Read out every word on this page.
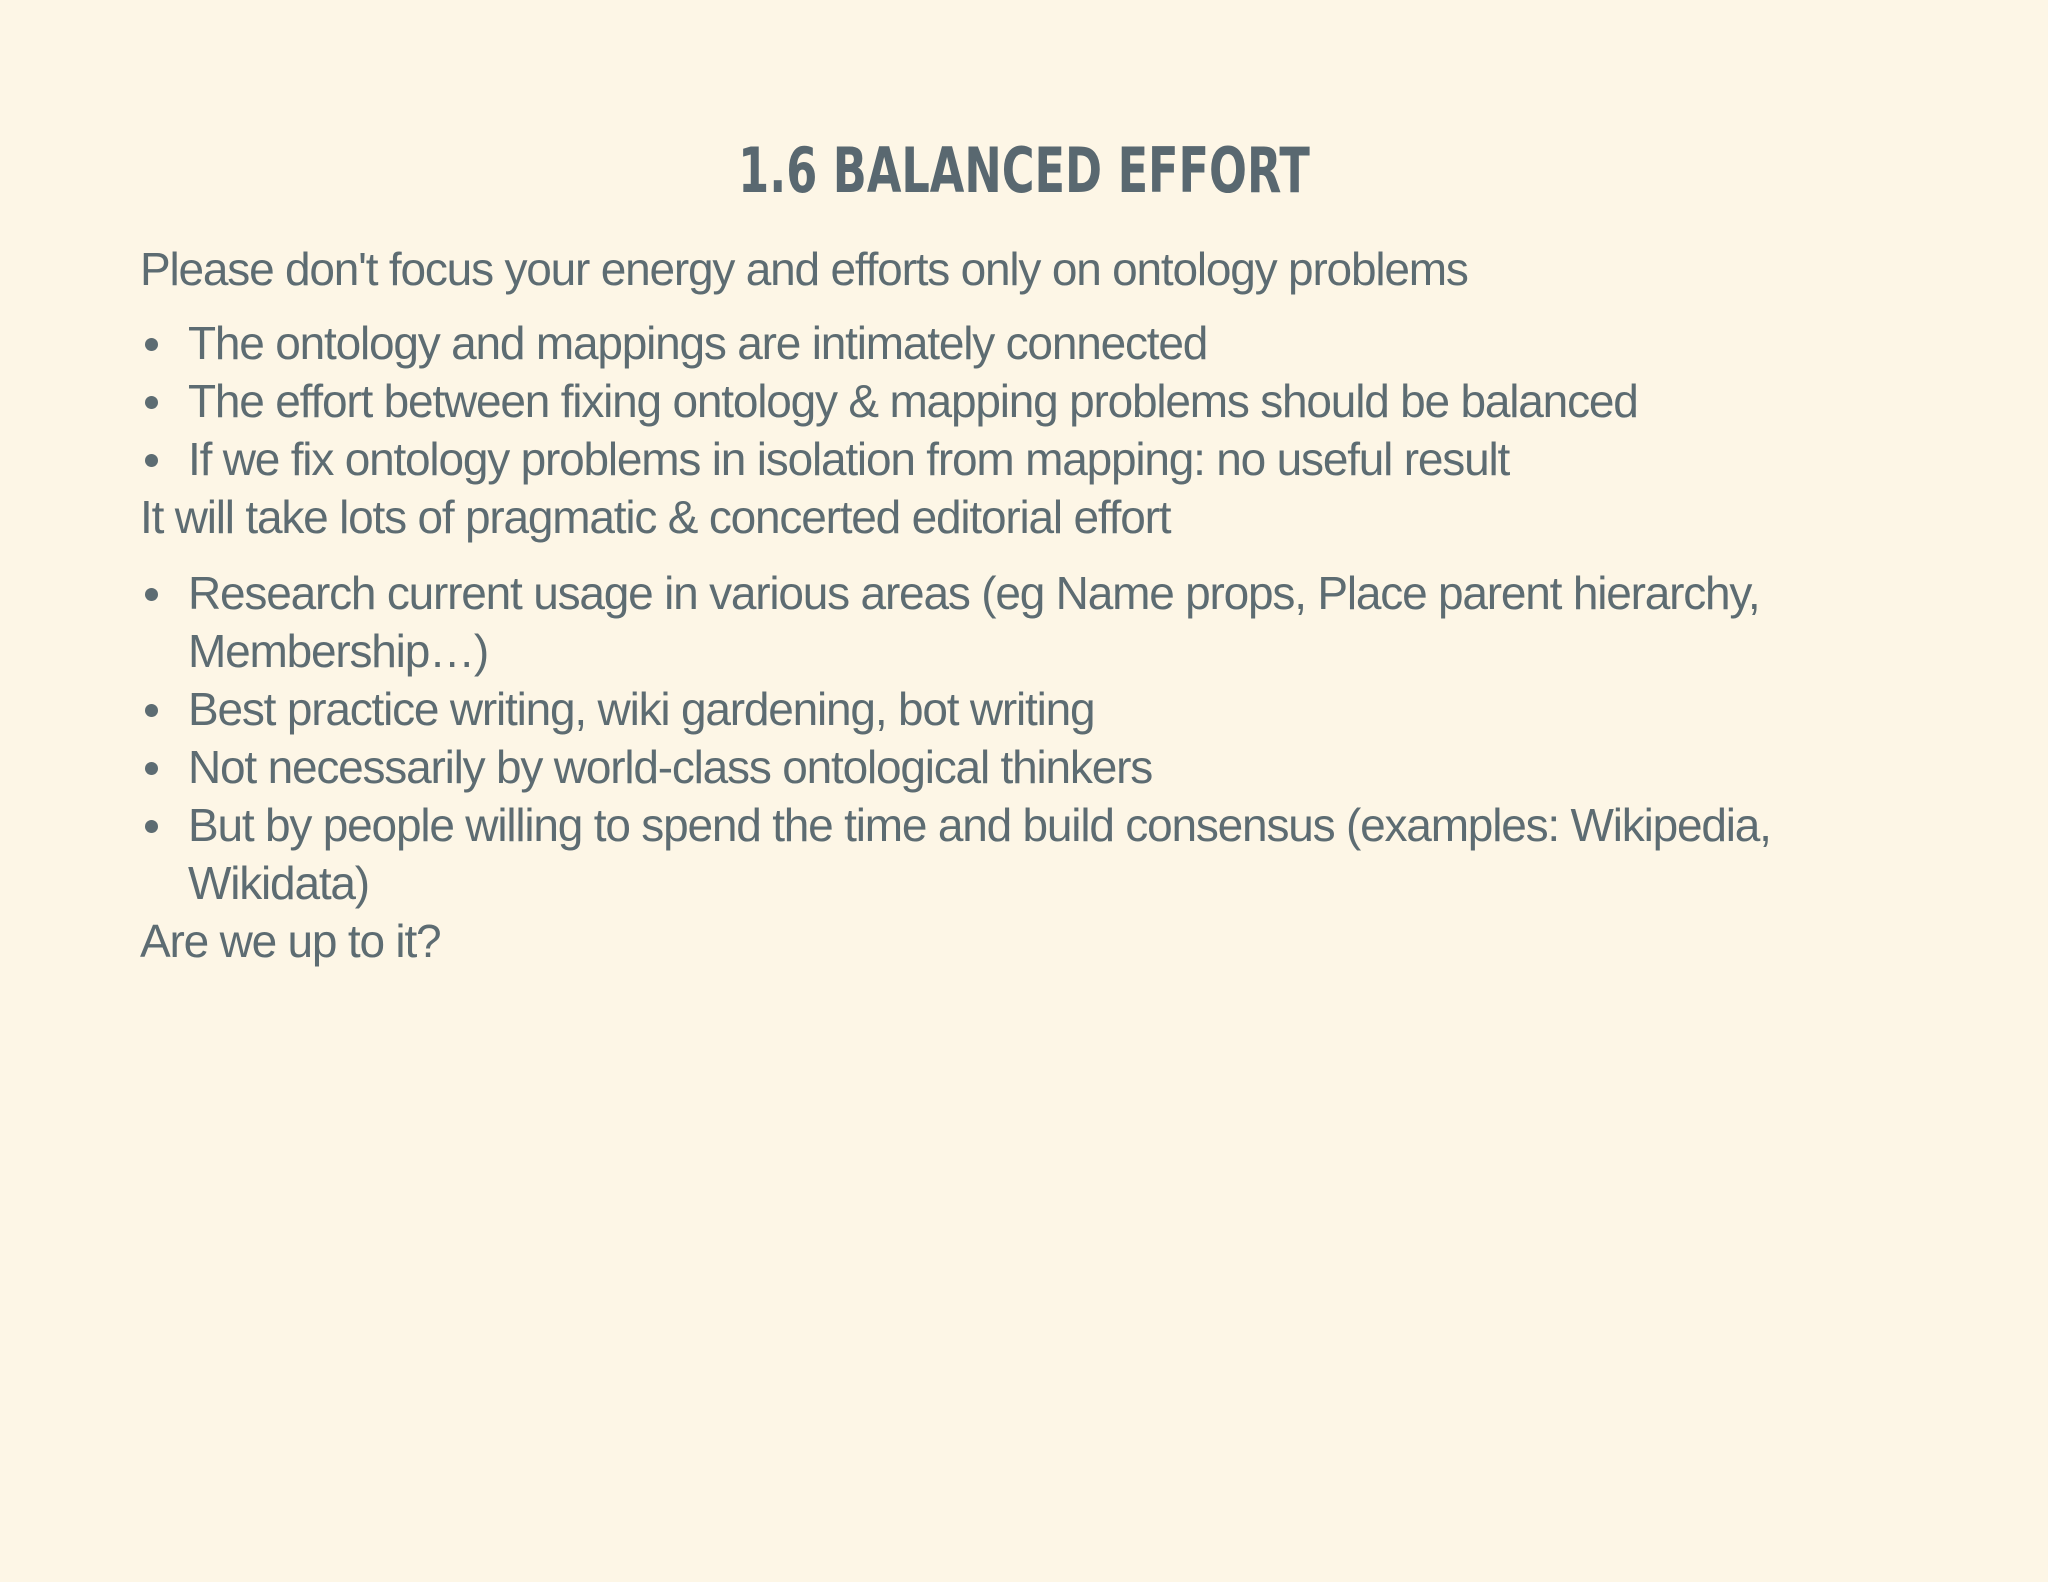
1.6 BALANCED EFFORT

Please don't focus your energy and efforts only on ontology problems

The ontology and mappings are intimately connected
The effort between fixing ontology & mapping problems should be balanced
If we fix ontology problems in isolation from mapping: no useful result

It will take lots of pragmatic & concerted editorial effort

Research current usage in various areas (eg Name props, Place parent hierarchy, Membership…)
Best practice writing, wiki gardening, bot writing
Not necessarily by world-class ontological thinkers
But by people willing to spend the time and build consensus (examples: Wikipedia, Wikidata)

Are we up to it?
